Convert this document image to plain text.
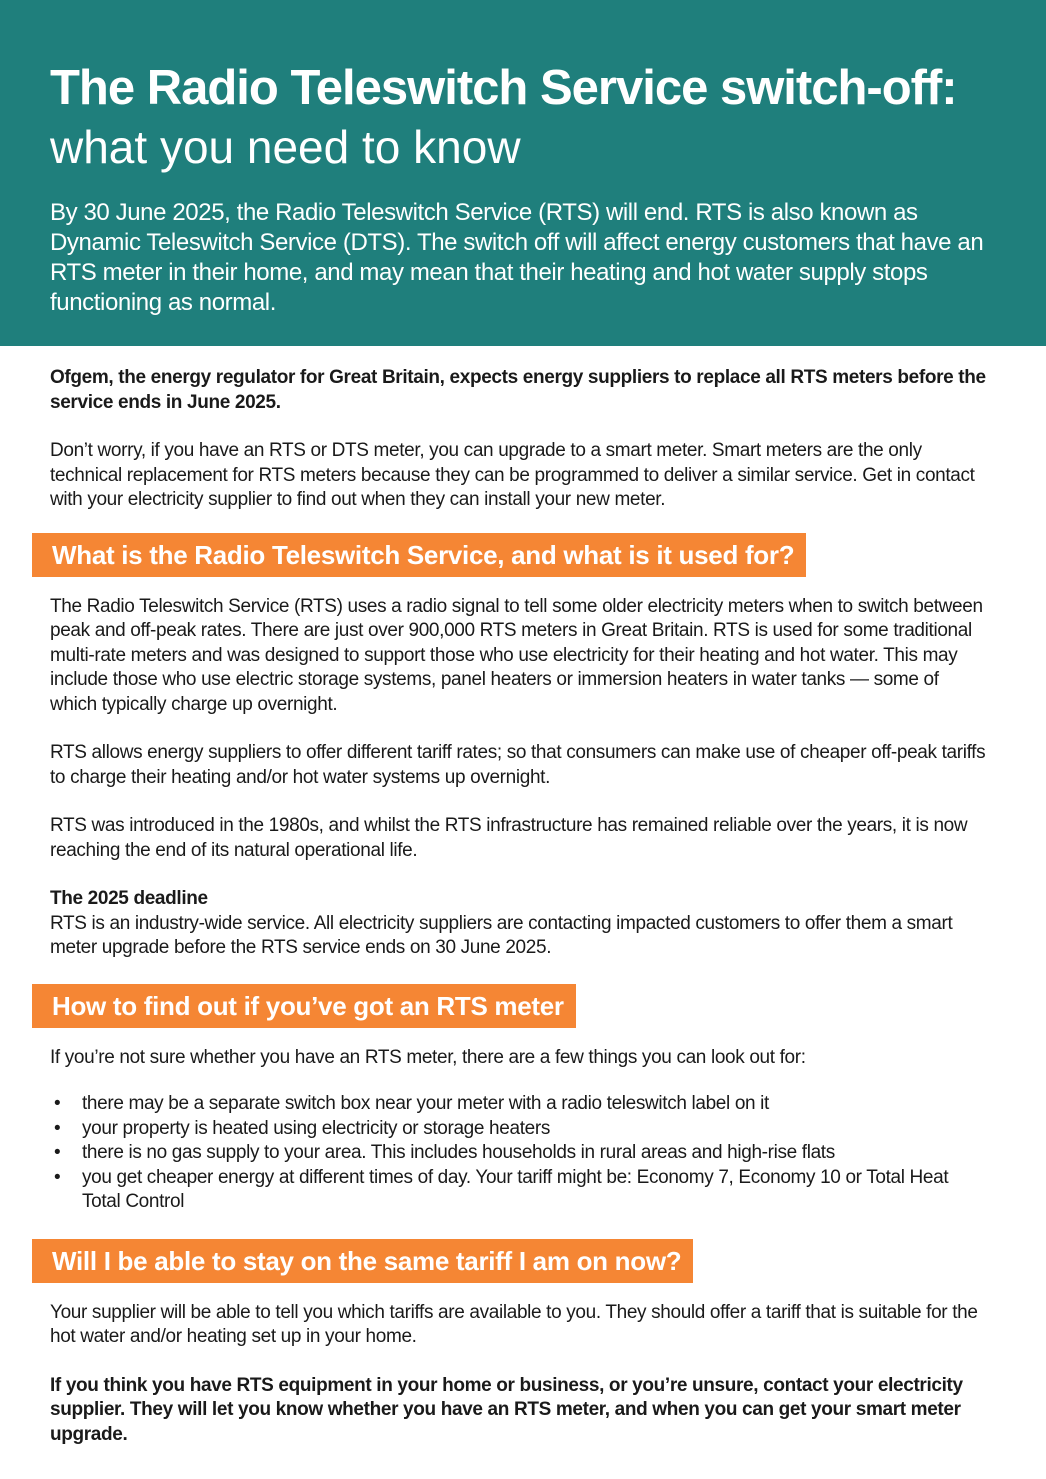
The Radio Teleswitch Service switch-off:
what you need to know

By 30 June 2025, the Radio Teleswitch Service (RTS) will end. RTS is also known as Dynamic Teleswitch Service (DTS). The switch off will affect energy customers that have an RTS meter in their home, and may mean that their heating and hot water supply stops functioning as normal.

Ofgem, the energy regulator for Great Britain, expects energy suppliers to replace all RTS meters before the service ends in June 2025.

Don’t worry, if you have an RTS or DTS meter, you can upgrade to a smart meter. Smart meters are the only technical replacement for RTS meters because they can be programmed to deliver a similar service. Get in contact with your electricity supplier to find out when they can install your new meter.

What is the Radio Teleswitch Service, and what is it used for?

The Radio Teleswitch Service (RTS) uses a radio signal to tell some older electricity meters when to switch between peak and off-peak rates. There are just over 900,000 RTS meters in Great Britain. RTS is used for some traditional multi-rate meters and was designed to support those who use electricity for their heating and hot water. This may include those who use electric storage systems, panel heaters or immersion heaters in water tanks — some of which typically charge up overnight.

RTS allows energy suppliers to offer different tariff rates; so that consumers can make use of cheaper off-peak tariffs to charge their heating and/or hot water systems up overnight.

RTS was introduced in the 1980s, and whilst the RTS infrastructure has remained reliable over the years, it is now reaching the end of its natural operational life.

The 2025 deadline

RTS is an industry-wide service. All electricity suppliers are contacting impacted customers to offer them a smart meter upgrade before the RTS service ends on 30 June 2025.

How to find out if you’ve got an RTS meter

If you’re not sure whether you have an RTS meter, there are a few things you can look out for:

• there may be a separate switch box near your meter with a radio teleswitch label on it
• your property is heated using electricity or storage heaters
• there is no gas supply to your area. This includes households in rural areas and high-rise flats
• you get cheaper energy at different times of day. Your tariff might be: Economy 7, Economy 10 or Total Heat Total Control
Will I be able to stay on the same tariff I am on now?

Your supplier will be able to tell you which tariffs are available to you. They should offer a tariff that is suitable for the hot water and/or heating set up in your home.

If you think you have RTS equipment in your home or business, or you’re unsure, contact your electricity supplier. They will let you know whether you have an RTS meter, and when you can get your smart meter upgrade.
